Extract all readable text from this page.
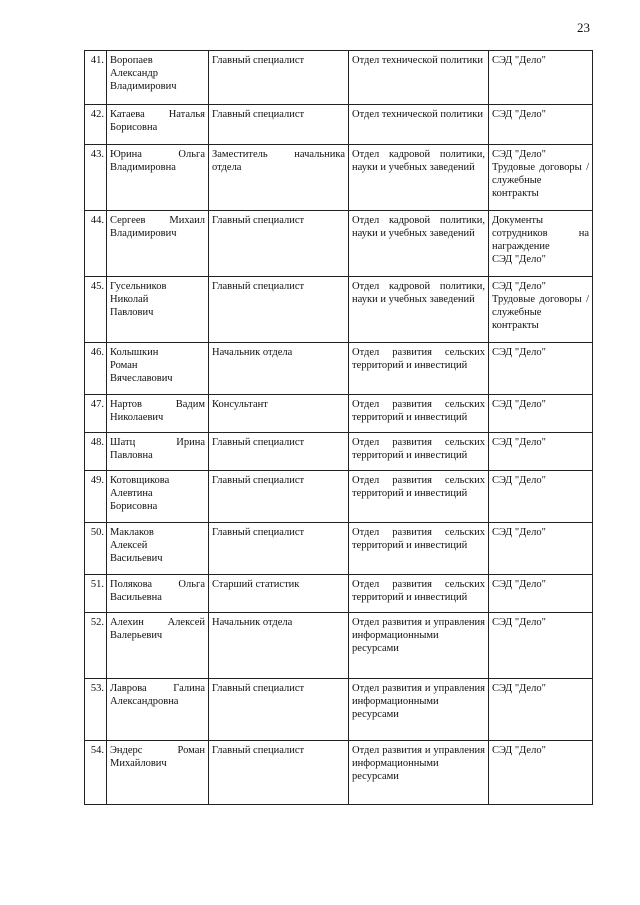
23
41.	Воропаев
Александр
Владимирович	Главный специалист	Отдел технической политики	СЭД "Дело"
42.	Катаева Наталья Борисовна	Главный специалист	Отдел технической политики	СЭД "Дело"
43.	Юрина Ольга Владимировна	Заместитель начальника отдела	Отдел кадровой политики, науки и учебных заведений	СЭД "Дело"
Трудовые договоры / служебные контракты
44.	Сергеев Михаил Владимирович	Главный специалист	Отдел кадровой политики, науки и учебных заведений	Документы сотрудников на награждение
СЭД "Дело"
45.	Гусельников
Николай
Павлович	Главный специалист	Отдел кадровой политики, науки и учебных заведений	СЭД "Дело"
Трудовые договоры / служебные контракты
46.	Колышкин
Роман
Вячеславович	Начальник отдела	Отдел развития сельских территорий и инвестиций	СЭД "Дело"
47.	Нартов Вадим Николаевич	Консультант	Отдел развития сельских территорий и инвестиций	СЭД "Дело"
48.	Шатц Ирина Павловна	Главный специалист	Отдел развития сельских территорий и инвестиций	СЭД "Дело"
49.	Котовщикова
Алевтина
Борисовна	Главный специалист	Отдел развития сельских территорий и инвестиций	СЭД "Дело"
50.	Маклаков
Алексей
Васильевич	Главный специалист	Отдел развития сельских территорий и инвестиций	СЭД "Дело"
51.	Полякова Ольга Васильевна	Старший статистик	Отдел развития сельских территорий и инвестиций	СЭД "Дело"
52.	Алехин Алексей Валерьевич	Начальник отдела	Отдел развития и управления информационными ресурсами	СЭД "Дело"
53.	Лаврова Галина Александровна	Главный специалист	Отдел развития и управления информационными ресурсами	СЭД "Дело"
54.	Эндерс Роман Михайлович	Главный специалист	Отдел развития и управления информационными ресурсами	СЭД "Дело"
